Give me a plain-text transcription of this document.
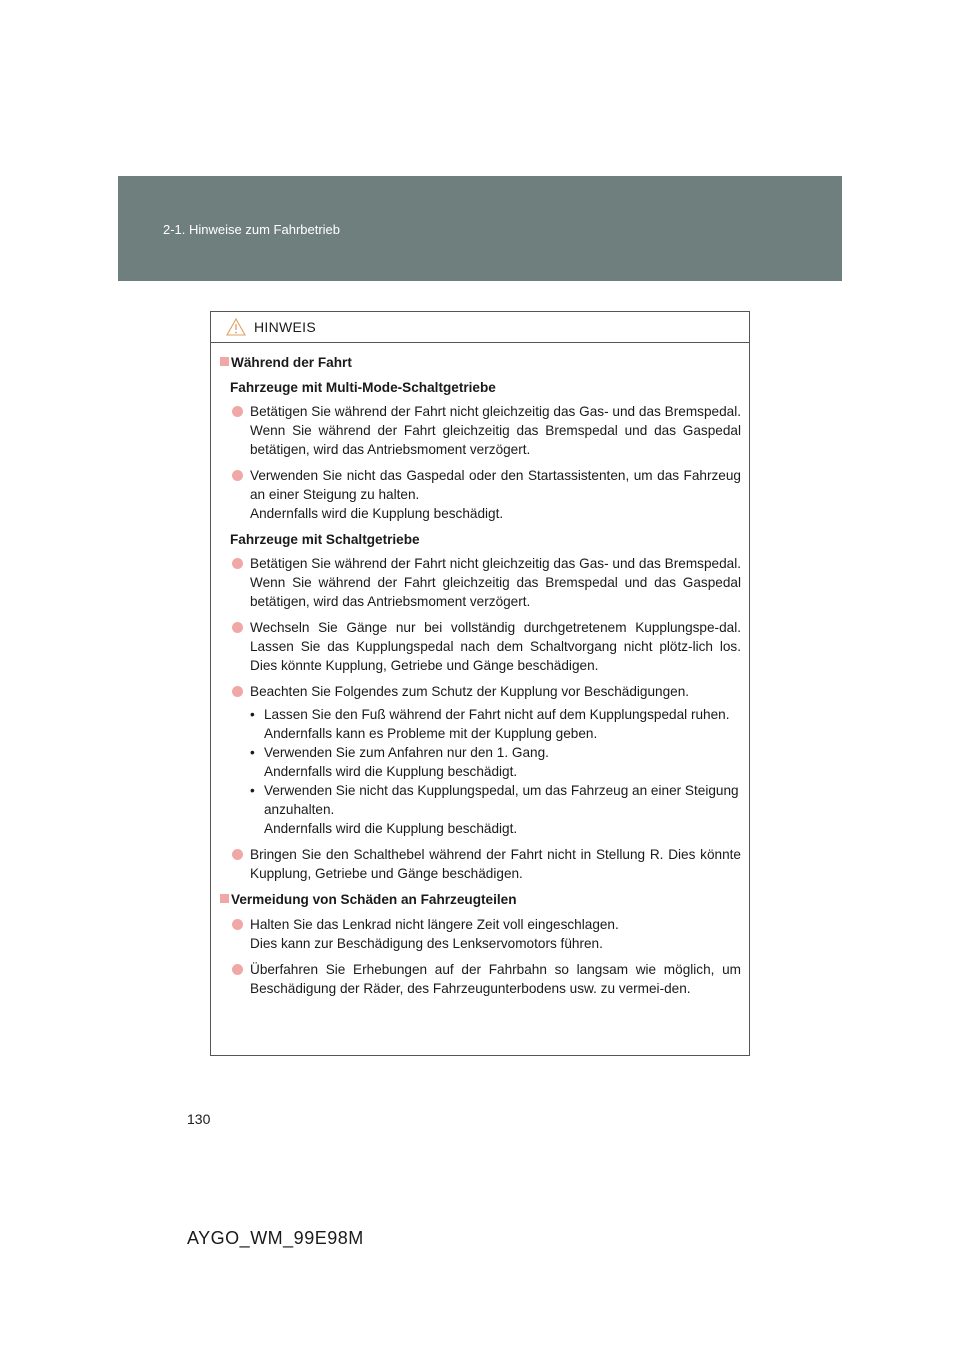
2-1. Hinweise zum Fahrbetrieb
HINWEIS
Während der Fahrt
Fahrzeuge mit Multi-Mode-Schaltgetriebe

Betätigen Sie während der Fahrt nicht gleichzeitig das Gas- und das Bremspedal. Wenn Sie während der Fahrt gleichzeitig das Bremspedal und das Gaspedal betätigen, wird das Antriebsmoment verzögert.

Verwenden Sie nicht das Gaspedal oder den Startassistenten, um das Fahrzeug an einer Steigung zu halten.

Andernfalls wird die Kupplung beschädigt.

Fahrzeuge mit Schaltgetriebe

Betätigen Sie während der Fahrt nicht gleichzeitig das Gas- und das Bremspedal. Wenn Sie während der Fahrt gleichzeitig das Bremspedal und das Gaspedal betätigen, wird das Antriebsmoment verzögert.

Wechseln Sie Gänge nur bei vollständig durchgetretenem Kupplungspe-dal. Lassen Sie das Kupplungspedal nach dem Schaltvorgang nicht plötz-lich los. Dies könnte Kupplung, Getriebe und Gänge beschädigen.

Beachten Sie Folgendes zum Schutz der Kupplung vor Beschädigungen.

• Lassen Sie den Fuß während der Fahrt nicht auf dem Kupplungspedal ruhen.

Andernfalls kann es Probleme mit der Kupplung geben.

• Verwenden Sie zum Anfahren nur den 1. Gang.

Andernfalls wird die Kupplung beschädigt.

• Verwenden Sie nicht das Kupplungspedal, um das Fahrzeug an einer Steigung anzuhalten.

Andernfalls wird die Kupplung beschädigt.

Bringen Sie den Schalthebel während der Fahrt nicht in Stellung R. Dies könnte Kupplung, Getriebe und Gänge beschädigen.

Vermeidung von Schäden an Fahrzeugteilen

Halten Sie das Lenkrad nicht längere Zeit voll eingeschlagen.

Dies kann zur Beschädigung des Lenkservomotors führen.

Überfahren Sie Erhebungen auf der Fahrbahn so langsam wie möglich, um Beschädigung der Räder, des Fahrzeugunterbodens usw. zu vermei-den.

130
AYGO_WM_99E98M
